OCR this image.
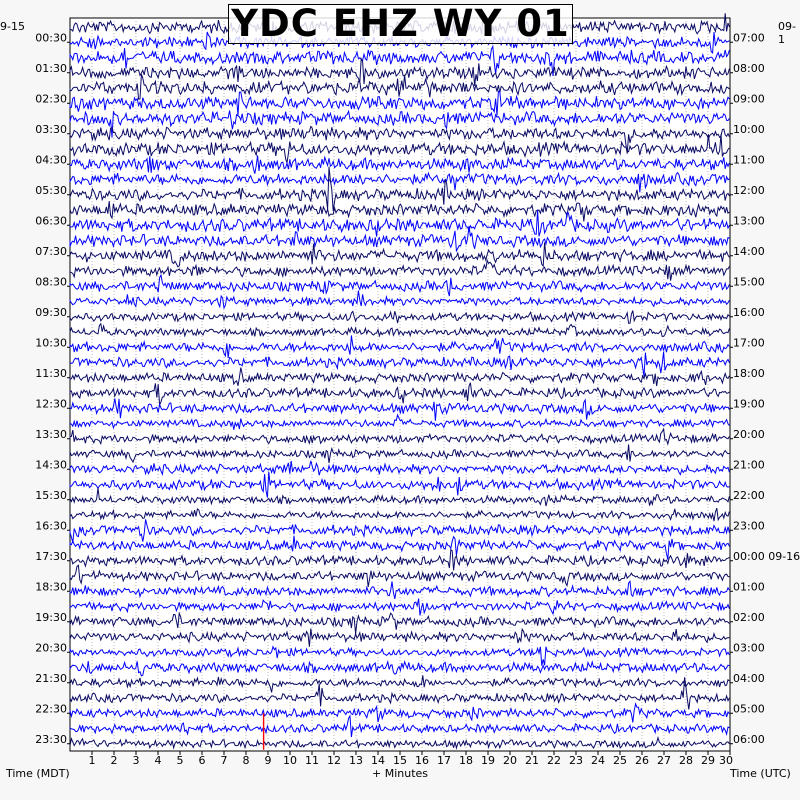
00:30
01:30
02:30
03:30
04:30
05:30
06:30
07:30
08:30
09:30
10:30
11:30
12:30
13:30
14:30
15:30
16:30
17:30
18:30
19:30
20:30
21:30
22:30
23:30
07:00
08:00
09:00
10:00
11:00
12:00
13:00
14:00
15:00
16:00
17:00
18:00
19:00
20:00
21:00
22:00
23:00
00:00 09-16
01:00
02:00
03:00
04:00
05:00
06:00
1 2 3 4 5 6 7 8 9 10 11 12 13 14 15 16 17 18 19 20 21 22 23 24 25 26 27 28 29 30
YDC EHZ WY 01
9-15	09-1
Time (MDT)	+ Minutes	Time (UTC)
